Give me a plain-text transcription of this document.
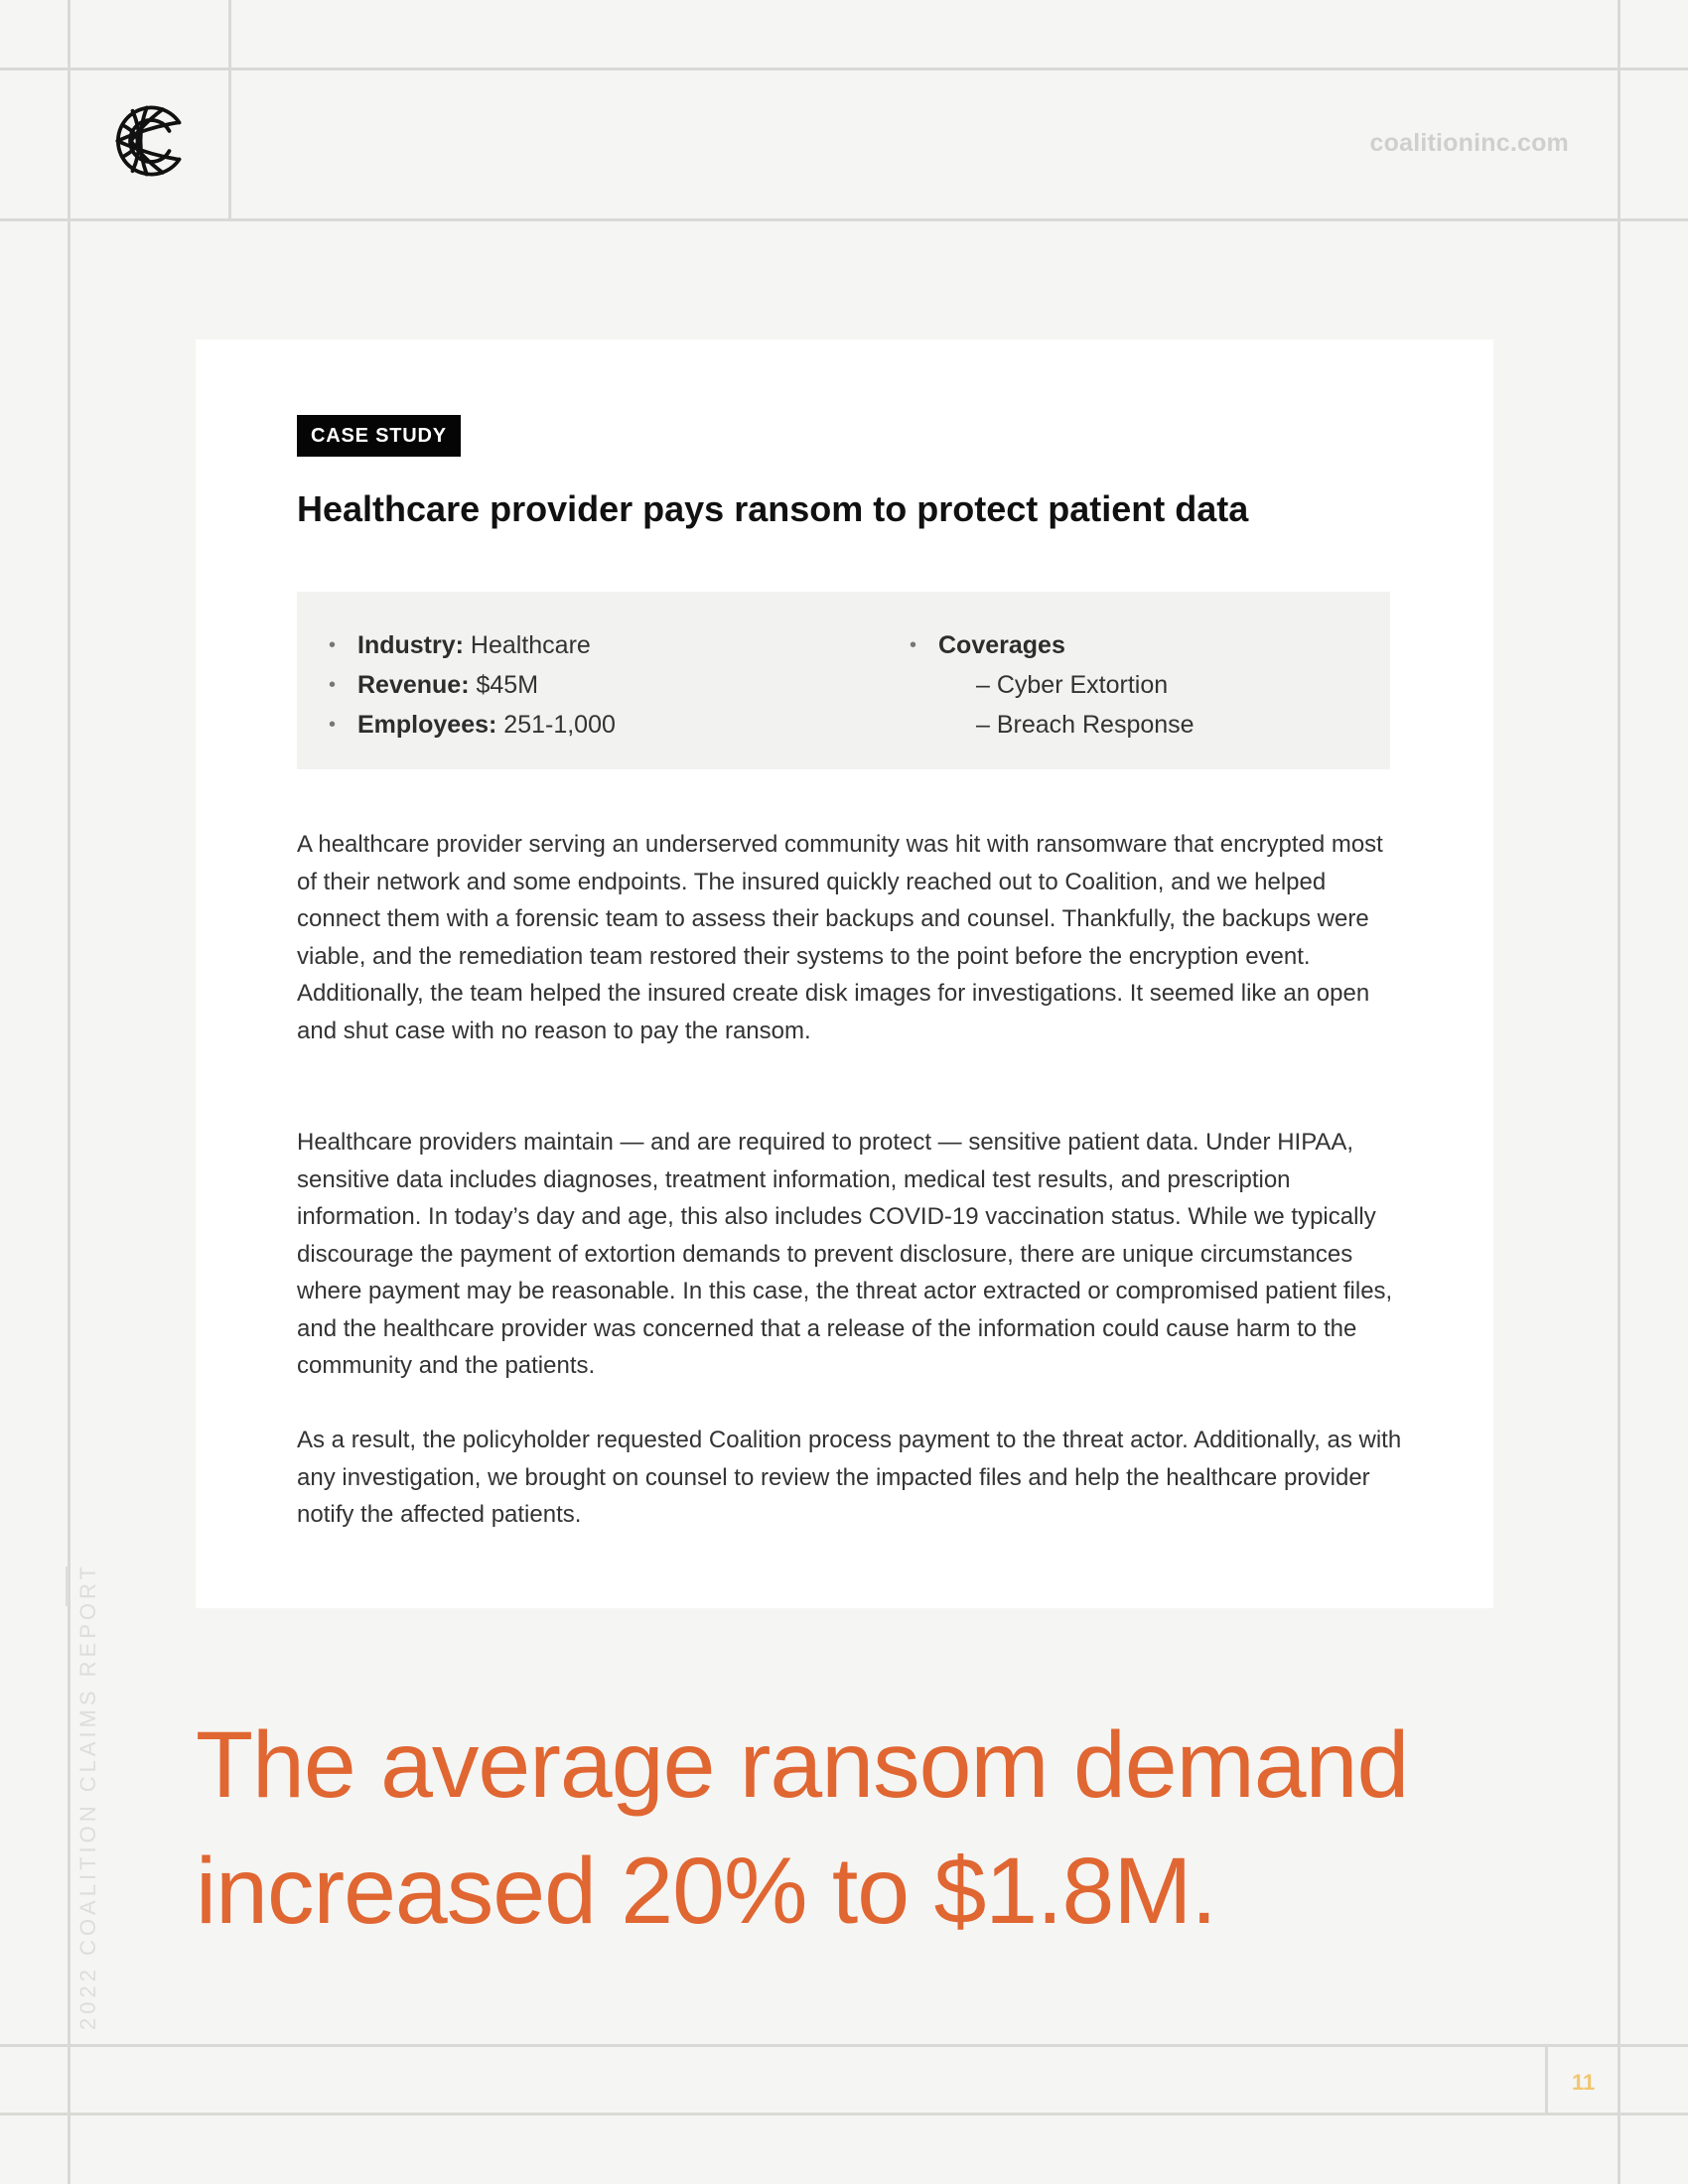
coalitioninc.com
CASE STUDY
Healthcare provider pays ransom to protect patient data
• Industry: Healthcare
• Revenue: $45M
• Employees: 251-1,000
• Coverages
– Cyber Extortion
– Breach Response

A healthcare provider serving an underserved community was hit with ransomware that encrypted most of their network and some endpoints. The insured quickly reached out to Coalition, and we helped connect them with a forensic team to assess their backups and counsel. Thankfully, the backups were viable, and the remediation team restored their systems to the point before the encryption event. Additionally, the team helped the insured create disk images for investigations. It seemed like an open and shut case with no reason to pay the ransom.

Healthcare providers maintain — and are required to protect — sensitive patient data. Under HIPAA, sensitive data includes diagnoses, treatment information, medical test results, and prescription information. In today’s day and age, this also includes COVID-19 vaccination status. While we typically discourage the payment of extortion demands to prevent disclosure, there are unique circumstances where payment may be reasonable. In this case, the threat actor extracted or compromised patient files, and the healthcare provider was concerned that a release of the information could cause harm to the community and the patients.

As a result, the policyholder requested Coalition process payment to the threat actor. Additionally, as with any investigation, we brought on counsel to review the impacted files and help the healthcare provider notify the affected patients.

The average ransom demand increased 20% to $1.8M.
2022 COALITION CLAIMS REPORT
11
